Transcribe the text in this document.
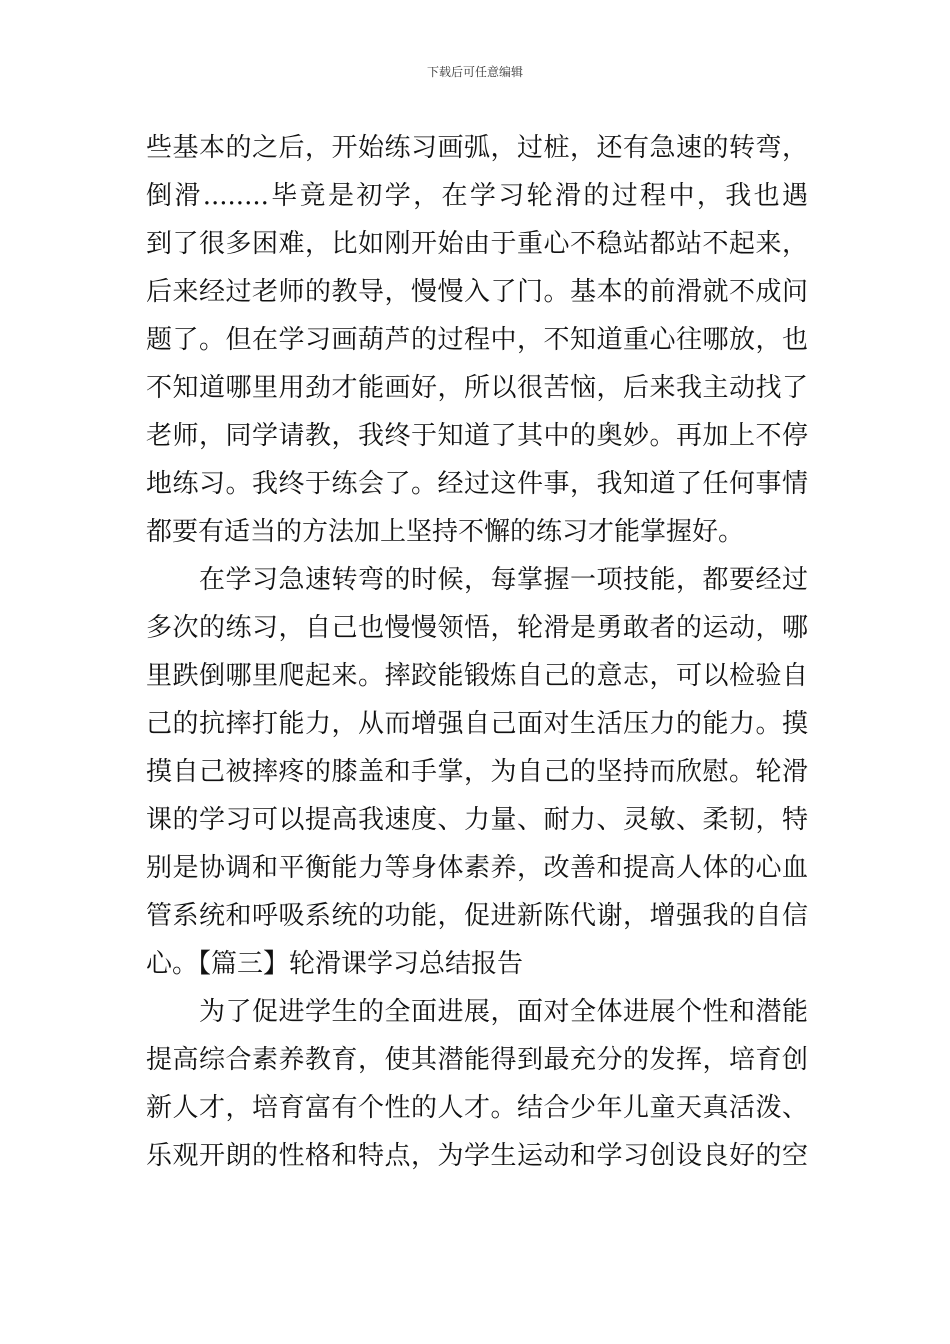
下载后可任意编辑
些基本的之后，开始练习画弧，过桩，还有急速的转弯，
倒滑........毕竟是初学，在学习轮滑的过程中，我也遇
到了很多困难，比如刚开始由于重心不稳站都站不起来，
后来经过老师的教导，慢慢入了门。基本的前滑就不成问
题了。但在学习画葫芦的过程中，不知道重心往哪放，也
不知道哪里用劲才能画好，所以很苦恼，后来我主动找了
老师，同学请教，我终于知道了其中的奥妙。再加上不停
地练习。我终于练会了。经过这件事，我知道了任何事情
都要有适当的方法加上坚持不懈的练习才能掌握好。
在学习急速转弯的时候，每掌握一项技能，都要经过
多次的练习，自己也慢慢领悟，轮滑是勇敢者的运动，哪
里跌倒哪里爬起来。摔跤能锻炼自己的意志，可以检验自
己的抗摔打能力，从而增强自己面对生活压力的能力。摸
摸自己被摔疼的膝盖和手掌，为自己的坚持而欣慰。轮滑
课的学习可以提高我速度、力量、耐力、灵敏、柔韧，特
别是协调和平衡能力等身体素养，改善和提高人体的心血
管系统和呼吸系统的功能，促进新陈代谢，增强我的自信
心。【篇三】轮滑课学习总结报告
为了促进学生的全面进展，面对全体进展个性和潜能
提高综合素养教育，使其潜能得到最充分的发挥，培育创
新人才，培育富有个性的人才。结合少年儿童天真活泼、
乐观开朗的性格和特点，为学生运动和学习创设良好的空
